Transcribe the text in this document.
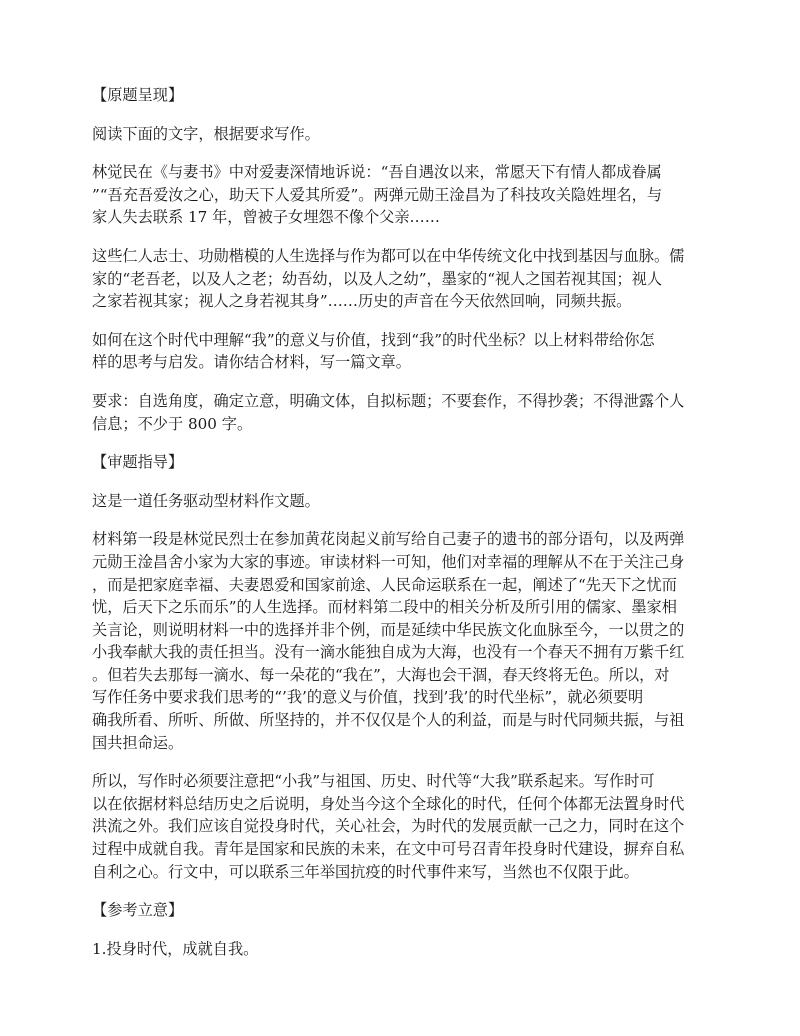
【原题呈现】

阅读下面的文字，根据要求写作。

林觉民在《与妻书》中对爱妻深情地诉说：“吾自遇汝以来，常愿天下有情人都成眷属
”“吾充吾爱汝之心，助天下人爱其所爱”。两弹元勋王淦昌为了科技攻关隐姓埋名，与
家人失去联系 17 年，曾被子女埋怨不像个父亲……

这些仁人志士、功勋楷模的人生选择与作为都可以在中华传统文化中找到基因与血脉。儒
家的“老吾老，以及人之老；幼吾幼，以及人之幼”，墨家的“视人之国若视其国；视人
之家若视其家；视人之身若视其身”……历史的声音在今天依然回响，同频共振。

如何在这个时代中理解“我”的意义与价值，找到“我”的时代坐标？以上材料带给你怎
样的思考与启发。请你结合材料，写一篇文章。

要求：自选角度，确定立意，明确文体，自拟标题；不要套作，不得抄袭；不得泄露个人
信息；不少于 800 字。

【审题指导】

这是一道任务驱动型材料作文题。

材料第一段是林觉民烈士在参加黄花岗起义前写给自己妻子的遗书的部分语句，以及两弹
元勋王淦昌舍小家为大家的事迹。审读材料一可知，他们对幸福的理解从不在于关注己身
，而是把家庭幸福、夫妻恩爱和国家前途、人民命运联系在一起，阐述了“先天下之忧而
忧，后天下之乐而乐”的人生选择。而材料第二段中的相关分析及所引用的儒家、墨家相
关言论，则说明材料一中的选择并非个例，而是延续中华民族文化血脉至今，一以贯之的
小我奉献大我的责任担当。没有一滴水能独自成为大海，也没有一个春天不拥有万紫千红
。但若失去那每一滴水、每一朵花的“我在”，大海也会干涸，春天终将无色。所以，对
写作任务中要求我们思考的“’我’的意义与价值，找到’我’的时代坐标”，就必须要明
确我所看、所听、所做、所坚持的，并不仅仅是个人的利益，而是与时代同频共振，与祖
国共担命运。

所以，写作时必须要注意把“小我”与祖国、历史、时代等“大我”联系起来。写作时可
以在依据材料总结历史之后说明，身处当今这个全球化的时代，任何个体都无法置身时代
洪流之外。我们应该自觉投身时代，关心社会，为时代的发展贡献一己之力，同时在这个
过程中成就自我。青年是国家和民族的未来，在文中可号召青年投身时代建设，摒弃自私
自利之心。行文中，可以联系三年举国抗疫的时代事件来写，当然也不仅限于此。

【参考立意】

1.投身时代，成就自我。
